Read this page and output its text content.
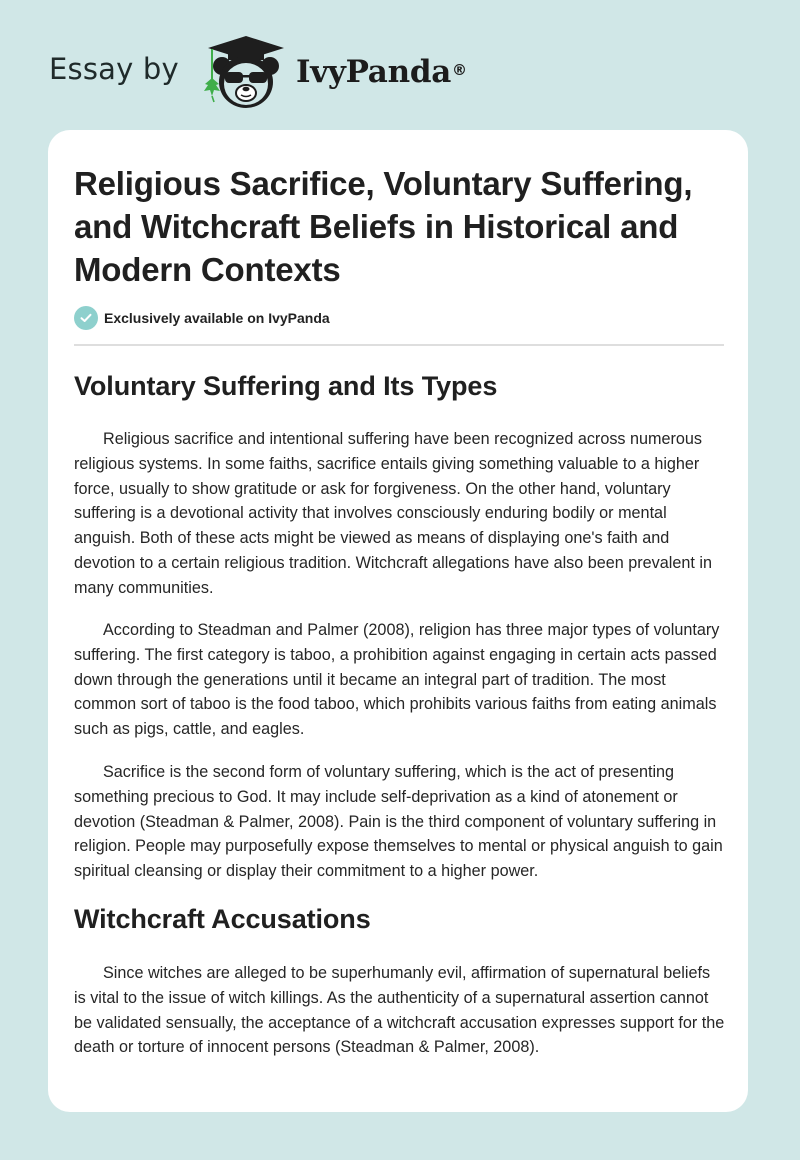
Essay by	IvyPanda®
Religious Sacrifice, Voluntary Suffering, and Witchcraft Beliefs in Historical and Modern Contexts
Exclusively available on IvyPanda
Voluntary Suffering and Its Types

Religious sacrifice and intentional suffering have been recognized across numerous religious systems. In some faiths, sacrifice entails giving something valuable to a higher force, usually to show gratitude or ask for forgiveness. On the other hand, voluntary suffering is a devotional activity that involves consciously enduring bodily or mental anguish. Both of these acts might be viewed as means of displaying one's faith and devotion to a certain religious tradition. Witchcraft allegations have also been prevalent in many communities.

According to Steadman and Palmer (2008), religion has three major types of voluntary suffering. The first category is taboo, a prohibition against engaging in certain acts passed down through the generations until it became an integral part of tradition. The most common sort of taboo is the food taboo, which prohibits various faiths from eating animals such as pigs, cattle, and eagles.

Sacrifice is the second form of voluntary suffering, which is the act of presenting something precious to God. It may include self-deprivation as a kind of atonement or devotion (Steadman & Palmer, 2008). Pain is the third component of voluntary suffering in religion. People may purposefully expose themselves to mental or physical anguish to gain spiritual cleansing or display their commitment to a higher power.

Witchcraft Accusations

Since witches are alleged to be superhumanly evil, affirmation of supernatural beliefs is vital to the issue of witch killings. As the authenticity of a supernatural assertion cannot be validated sensually, the acceptance of a witchcraft accusation expresses support for the death or torture of innocent persons (Steadman & Palmer, 2008).
